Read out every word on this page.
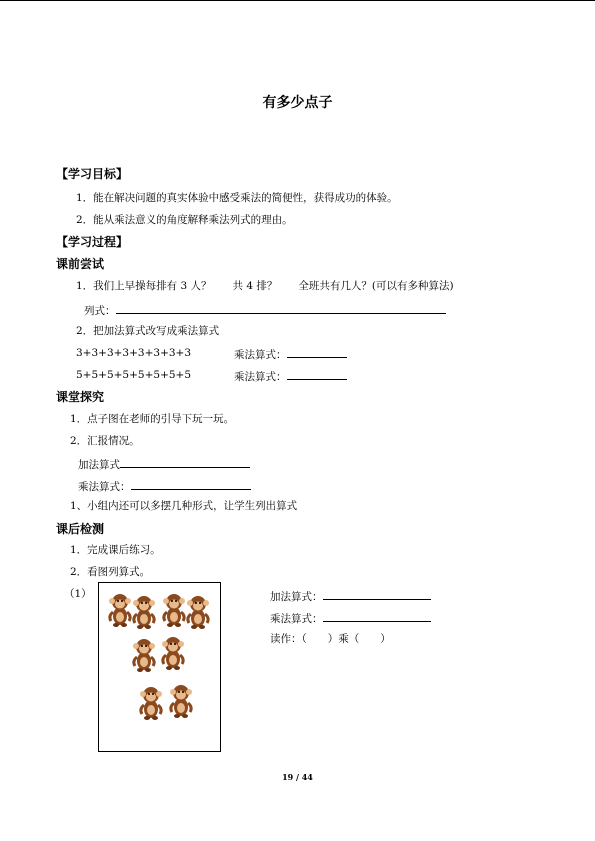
有多少点子
【学习目标】
1．能在解决问题的真实体验中感受乘法的简便性，获得成功的体验。
2．能从乘法意义的角度解释乘法列式的理由。
【学习过程】
课前尝试
1．我们上早操每排有 3 人？　　 共 4 排？　　 全班共有几人？(可以有多种算法)
列式：
2．把加法算式改写成乘法算式
3+3+3+3+3+3+3+3	乘法算式：
5+5+5+5+5+5+5+5	乘法算式：
课堂探究
1．点子图在老师的引导下玩一玩。
2．汇报情况。
加法算式
乘法算式：
1、小组内还可以多摆几种形式，让学生列出算式
课后检测
1．完成课后练习。
2．看图列算式。
（1）	加法算式：
乘法算式：
读作：（　　）乘（　　）
19 / 44
